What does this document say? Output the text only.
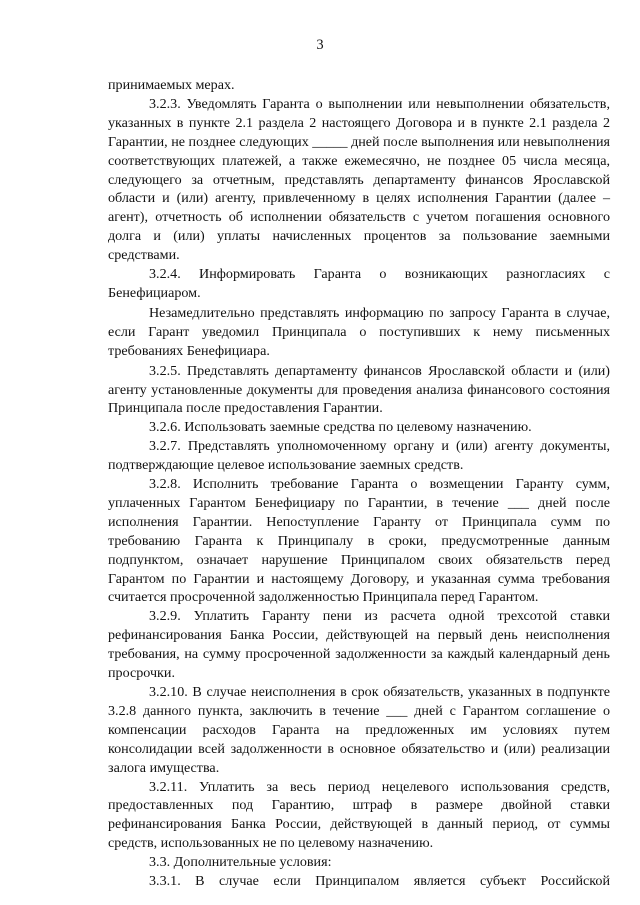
3

принимаемых мерах.

3.2.3. Уведомлять Гаранта о выполнении или невыполнении обязательств, указанных в пункте 2.1 раздела 2 настоящего Договора и в пункте 2.1 раздела 2 Гарантии, не позднее следующих _____ дней после выполнения или невыполнения соответствующих платежей, а также ежемесячно, не позднее 05 числа месяца, следующего за отчетным, представлять департаменту финансов Ярославской области и (или) агенту, привлеченному в целях исполнения Гарантии (далее – агент), отчетность об исполнении обязательств с учетом погашения основного долга и (или) уплаты начисленных процентов за пользование заемными средствами.

3.2.4. Информировать Гаранта о возникающих разногласиях с Бенефициаром.

Незамедлительно представлять информацию по запросу Гаранта в случае, если Гарант уведомил Принципала о поступивших к нему письменных требованиях Бенефициара.

3.2.5. Представлять департаменту финансов Ярославской области и (или) агенту установленные документы для проведения анализа финансового состояния Принципала после предоставления Гарантии.

3.2.6. Использовать заемные средства по целевому назначению.

3.2.7. Представлять уполномоченному органу и (или) агенту документы, подтверждающие целевое использование заемных средств.

3.2.8. Исполнить требование Гаранта о возмещении Гаранту сумм, уплаченных Гарантом Бенефициару по Гарантии, в течение ___ дней после исполнения Гарантии. Непоступление Гаранту от Принципала сумм по требованию Гаранта к Принципалу в сроки, предусмотренные данным подпунктом, означает нарушение Принципалом своих обязательств перед Гарантом по Гарантии и настоящему Договору, и указанная сумма требования считается просроченной задолженностью Принципала перед Гарантом.

3.2.9. Уплатить Гаранту пени из расчета одной трехсотой ставки рефинансирования Банка России, действующей на первый день неисполнения требования, на сумму просроченной задолженности за каждый календарный день просрочки.

3.2.10. В случае неисполнения в срок обязательств, указанных в подпункте 3.2.8 данного пункта, заключить в течение ___ дней с Гарантом соглашение о компенсации расходов Гаранта на предложенных им условиях путем консолидации всей задолженности в основное обязательство и (или) реализации залога имущества.

3.2.11. Уплатить за весь период нецелевого использования средств, предоставленных под Гарантию, штраф в размере двойной ставки рефинансирования Банка России, действующей в данный период, от суммы средств, использованных не по целевому назначению.

3.3. Дополнительные условия:

3.3.1. В случае если Принципалом является субъект Российской
